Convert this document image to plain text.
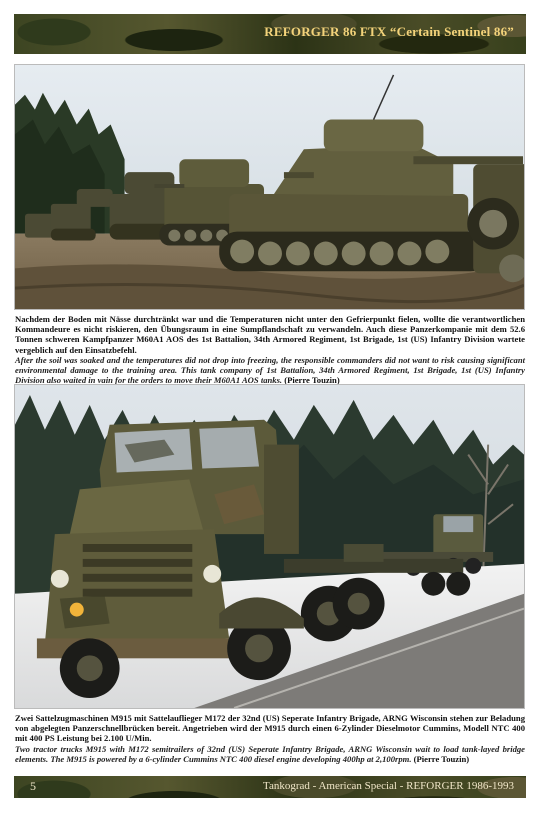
REFORGER 86 FTX “Certain Sentinel 86”
Nachdem der Boden mit Nässe durchtränkt war und die Temperaturen nicht unter den Gefrierpunkt fielen, wollte die verantwortlichen Kommandeure es nicht riskieren, den Übungsraum in eine Sumpflandschaft zu verwandeln. Auch diese Panzerkompanie mit dem 52.6 Tonnen schweren Kampfpanzer M60A1 AOS des 1st Battalion, 34th Armored Regiment, 1st Brigade, 1st (US) Infantry Division wartete vergeblich auf den Einsatzbefehl.
After the soil was soaked and the temperatures did not drop into freezing, the responsible commanders did not want to risk causing significant environmental damage to the training area. This tank company of 1st Battalion, 34th Armored Regiment, 1st Brigade, 1st (US) Infantry Division also waited in vain for the orders to move their M60A1 AOS tanks. (Pierre Touzin)
Zwei Sattelzugmaschinen M915 mit Sattelauflieger M172 der 32nd (US) Seperate Infantry Brigade, ARNG Wisconsin stehen zur Beladung von abgelegten Panzerschnellbrücken bereit. Angetrieben wird der M915 durch einen 6-Zylinder Dieselmotor Cummins, Modell NTC 400 mit 400 PS Leistung bei 2.100 U/Min.
Two tractor trucks M915 with M172 semitrailers of 32nd (US) Seperate Infantry Brigade, ARNG Wisconsin wait to load tank-layed bridge elements. The M915 is powered by a 6-cylinder Cummins NTC 400 diesel engine developing 400hp at 2,100rpm. (Pierre Touzin)
5	Tankograd - American Special - REFORGER 1986-1993
